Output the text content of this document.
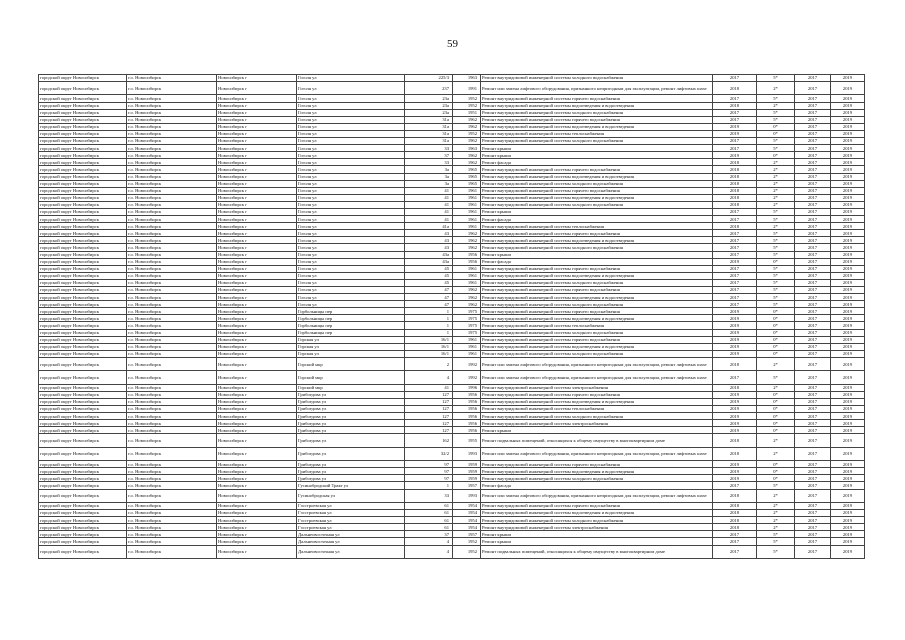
59
городской округ Новосибирск	г.о. Новосибирск	Новосибирск г	Гоголя ул	225/3	1963	Ремонт внутридомовой инженерной системы холодного водоснабжения	2017	5*	2017	2019
городской округ Новосибирск	г.о. Новосибирск	Новосибирск г	Гоголя ул	237	1991	Ремонт или замена лифтового оборудования, признанного непригодным для эксплуатации, ремонт лифтовых шахт	2018	2*	2017	2019
городской округ Новосибирск	г.о. Новосибирск	Новосибирск г	Гоголя ул	23а	1952	Ремонт внутридомовой инженерной системы горячего водоснабжения	2017	5*	2017	2019
городской округ Новосибирск	г.о. Новосибирск	Новосибирск г	Гоголя ул	23а	1952	Ремонт внутридомовой инженерной системы водоотведения и водоотведения	2018	2*	2017	2019
городской округ Новосибирск	г.о. Новосибирск	Новосибирск г	Гоголя ул	23а	1951	Ремонт внутридомовой инженерной системы холодного водоснабжения	2017	5*	2017	2019
городской округ Новосибирск	г.о. Новосибирск	Новосибирск г	Гоголя ул	31а	1962	Ремонт внутридомовой инженерной системы горячего водоснабжения	2017	5*	2017	2019
городской округ Новосибирск	г.о. Новосибирск	Новосибирск г	Гоголя ул	31а	1962	Ремонт внутридомовой инженерной системы водоотведения и водоотведения	2019	0*	2017	2019
городской округ Новосибирск	г.о. Новосибирск	Новосибирск г	Гоголя ул	31а	1952	Ремонт внутридомовой инженерной системы теплоснабжения	2019	0*	2017	2019
городской округ Новосибирск	г.о. Новосибирск	Новосибирск г	Гоголя ул	31а	1962	Ремонт внутридомовой инженерной системы холодного водоснабжения	2017	5*	2017	2019
городской округ Новосибирск	г.о. Новосибирск	Новосибирск г	Гоголя ул	33	1963	Ремонт крыши	2017	5*	2017	2019
городской округ Новосибирск	г.о. Новосибирск	Новосибирск г	Гоголя ул	37	1962	Ремонт крыши	2019	0*	2017	2019
городской округ Новосибирск	г.о. Новосибирск	Новосибирск г	Гоголя ул	33	1962	Ремонт фасада	2018	2*	2017	2019
городской округ Новосибирск	г.о. Новосибирск	Новосибирск г	Гоголя ул	3а	1965	Ремонт внутридомовой инженерной системы горячего водоснабжения	2018	2*	2017	2019
городской округ Новосибирск	г.о. Новосибирск	Новосибирск г	Гоголя ул	3а	1965	Ремонт внутридомовой инженерной системы водоотведения и водоотведения	2018	2*	2017	2019
городской округ Новосибирск	г.о. Новосибирск	Новосибирск г	Гоголя ул	3а	1965	Ремонт внутридомовой инженерной системы холодного водоснабжения	2018	2*	2017	2019
городской округ Новосибирск	г.о. Новосибирск	Новосибирск г	Гоголя ул	41	1961	Ремонт внутридомовой инженерной системы горячего водоснабжения	2018	2*	2017	2019
городской округ Новосибирск	г.о. Новосибирск	Новосибирск г	Гоголя ул	41	1961	Ремонт внутридомовой инженерной системы водоотведения и водоотведения	2018	2*	2017	2019
городской округ Новосибирск	г.о. Новосибирск	Новосибирск г	Гоголя ул	41	1961	Ремонт внутридомовой инженерной системы холодного водоснабжения	2018	2*	2017	2019
городской округ Новосибирск	г.о. Новосибирск	Новосибирск г	Гоголя ул	41	1961	Ремонт крыши	2017	5*	2017	2019
городской округ Новосибирск	г.о. Новосибирск	Новосибирск г	Гоголя ул	41	1961	Ремонт фасада	2017	5*	2017	2019
городской округ Новосибирск	г.о. Новосибирск	Новосибирск г	Гоголя ул	41а	1961	Ремонт внутридомовой инженерной системы теплоснабжения	2018	2*	2017	2019
городской округ Новосибирск	г.о. Новосибирск	Новосибирск г	Гоголя ул	43	1962	Ремонт внутридомовой инженерной системы горячего водоснабжения	2017	5*	2017	2019
городской округ Новосибирск	г.о. Новосибирск	Новосибирск г	Гоголя ул	43	1962	Ремонт внутридомовой инженерной системы водоотведения и водоотведения	2017	5*	2017	2019
городской округ Новосибирск	г.о. Новосибирск	Новосибирск г	Гоголя ул	43	1962	Ремонт внутридомовой инженерной системы холодного водоснабжения	2017	5*	2017	2019
городской округ Новосибирск	г.о. Новосибирск	Новосибирск г	Гоголя ул	43а	1956	Ремонт крыши	2017	5*	2017	2019
городской округ Новосибирск	г.о. Новосибирск	Новосибирск г	Гоголя ул	43а	1956	Ремонт фасада	2019	0*	2017	2019
городской округ Новосибирск	г.о. Новосибирск	Новосибирск г	Гоголя ул	45	1961	Ремонт внутридомовой инженерной системы горячего водоснабжения	2017	5*	2017	2019
городской округ Новосибирск	г.о. Новосибирск	Новосибирск г	Гоголя ул	45	1961	Ремонт внутридомовой инженерной системы водоотведения и водоотведения	2017	5*	2017	2019
городской округ Новосибирск	г.о. Новосибирск	Новосибирск г	Гоголя ул	45	1961	Ремонт внутридомовой инженерной системы холодного водоснабжения	2017	5*	2017	2019
городской округ Новосибирск	г.о. Новосибирск	Новосибирск г	Гоголя ул	47	1962	Ремонт внутридомовой инженерной системы горячего водоснабжения	2017	5*	2017	2019
городской округ Новосибирск	г.о. Новосибирск	Новосибирск г	Гоголя ул	47	1962	Ремонт внутридомовой инженерной системы водоотведения и водоотведения	2017	5*	2017	2019
городской округ Новосибирск	г.о. Новосибирск	Новосибирск г	Гоголя ул	47	1962	Ремонт внутридомовой инженерной системы холодного водоснабжения	2017	5*	2017	2019
городской округ Новосибирск	г.о. Новосибирск	Новосибирск г	Горбольницы пер	1	1975	Ремонт внутридомовой инженерной системы горячего водоснабжения	2019	0*	2017	2019
городской округ Новосибирск	г.о. Новосибирск	Новосибирск г	Горбольницы пер	1	1975	Ремонт внутридомовой инженерной системы водоотведения и водоотведения	2019	0*	2017	2019
городской округ Новосибирск	г.о. Новосибирск	Новосибирск г	Горбольницы пер	1	1975	Ремонт внутридомовой инженерной системы теплоснабжения	2019	0*	2017	2019
городской округ Новосибирск	г.о. Новосибирск	Новосибирск г	Горбольницы пер	1	1975	Ремонт внутридомовой инженерной системы холодного водоснабжения	2019	0*	2017	2019
городской округ Новосибирск	г.о. Новосибирск	Новосибирск г	Горская ул	16/1	1961	Ремонт внутридомовой инженерной системы горячего водоснабжения	2019	0*	2017	2019
городской округ Новосибирск	г.о. Новосибирск	Новосибирск г	Горская ул	16/1	1961	Ремонт внутридомовой инженерной системы водоотведения и водоотведения	2019	0*	2017	2019
городской округ Новосибирск	г.о. Новосибирск	Новосибирск г	Горская ул	16/1	1961	Ремонт внутридомовой инженерной системы холодного водоснабжения	2019	0*	2017	2019
городской округ Новосибирск	г.о. Новосибирск	Новосибирск г	Горский мкр	2	1992	Ремонт или замена лифтового оборудования, признанного непригодным для эксплуатации, ремонт лифтовых шахт	2018	2*	2017	2019
городской округ Новосибирск	г.о. Новосибирск	Новосибирск г	Горский мкр	4	1992	Ремонт или замена лифтового оборудования, признанного непригодным для эксплуатации, ремонт лифтовых шахт	2017	5*	2017	2019
городской округ Новосибирск	г.о. Новосибирск	Новосибирск г	Горский мкр	41	1996	Ремонт внутридомовой инженерной системы электроснабжения	2018	2*	2017	2019
городской округ Новосибирск	г.о. Новосибирск	Новосибирск г	Грибоедова ул	127	1956	Ремонт внутридомовой инженерной системы горячего водоснабжения	2019	0*	2017	2019
городской округ Новосибирск	г.о. Новосибирск	Новосибирск г	Грибоедова ул	127	1956	Ремонт внутридомовой инженерной системы водоотведения и водоотведения	2019	0*	2017	2019
городской округ Новосибирск	г.о. Новосибирск	Новосибирск г	Грибоедова ул	127	1956	Ремонт внутридомовой инженерной системы теплоснабжения	2019	0*	2017	2019
городской округ Новосибирск	г.о. Новосибирск	Новосибирск г	Грибоедова ул	127	1956	Ремонт внутридомовой инженерной системы холодного водоснабжения	2019	0*	2017	2019
городской округ Новосибирск	г.о. Новосибирск	Новосибирск г	Грибоедова ул	127	1956	Ремонт внутридомовой инженерной системы электроснабжения	2019	0*	2017	2019
городской округ Новосибирск	г.о. Новосибирск	Новосибирск г	Грибоедова ул	127	1956	Ремонт крыши	2019	0*	2017	2019
городской округ Новосибирск	г.о. Новосибирск	Новосибирск г	Грибоедова ул	162	1955	Ремонт подвальных помещений, относящихся к общему имуществу в многоквартирном доме	2018	2*	2017	2019
городской округ Новосибирск	г.о. Новосибирск	Новосибирск г	Грибоедова ул	32/2	1993	Ремонт или замена лифтового оборудования, признанного непригодным для эксплуатации, ремонт лифтовых шахт	2018	2*	2017	2019
городской округ Новосибирск	г.о. Новосибирск	Новосибирск г	Грибоедова ул	97	1959	Ремонт внутридомовой инженерной системы горячего водоснабжения	2019	0*	2017	2019
городской округ Новосибирск	г.о. Новосибирск	Новосибирск г	Грибоедова ул	97	1959	Ремонт внутридомовой инженерной системы водоотведения и водоотведения	2019	0*	2017	2019
городской округ Новосибирск	г.о. Новосибирск	Новосибирск г	Грибоедова ул	97	1959	Ремонт внутридомовой инженерной системы холодного водоснабжения	2019	0*	2017	2019
городской округ Новосибирск	г.о. Новосибирск	Новосибирск г	Гусинобродский Тракт ул	1	1957	Ремонт фасада	2017	5*	2017	2019
городской округ Новосибирск	г.о. Новосибирск	Новосибирск г	Гусинобродская ул	33	1993	Ремонт или замена лифтового оборудования, признанного непригодным для эксплуатации, ремонт лифтовых шахт	2018	2*	2017	2019
городской округ Новосибирск	г.о. Новосибирск	Новосибирск г	Гэсстроевская ул	61	1954	Ремонт внутридомовой инженерной системы горячего водоснабжения	2018	2*	2017	2019
городской округ Новосибирск	г.о. Новосибирск	Новосибирск г	Гэсстроевская ул	61	1954	Ремонт внутридомовой инженерной системы водоотведения и водоотведения	2018	2*	2017	2019
городской округ Новосибирск	г.о. Новосибирск	Новосибирск г	Гэсстроевская ул	61	1954	Ремонт внутридомовой инженерной системы холодного водоснабжения	2018	2*	2017	2019
городской округ Новосибирск	г.о. Новосибирск	Новосибирск г	Гэсстроевская ул	61	1954	Ремонт внутридомовой инженерной системы электроснабжения	2018	2*	2017	2019
городской округ Новосибирск	г.о. Новосибирск	Новосибирск г	Дальнеовосточная ул	37	1957	Ремонт крыши	2017	5*	2017	2019
городской округ Новосибирск	г.о. Новосибирск	Новосибирск г	Дальнеовосточная ул	4	1952	Ремонт крыши	2017	5*	2017	2019
городской округ Новосибирск	г.о. Новосибирск	Новосибирск г	Дальнеовосточная ул	4	1952	Ремонт подвальных помещений, относящихся к общему имуществу в многоквартирном доме	2017	5*	2017	2019
